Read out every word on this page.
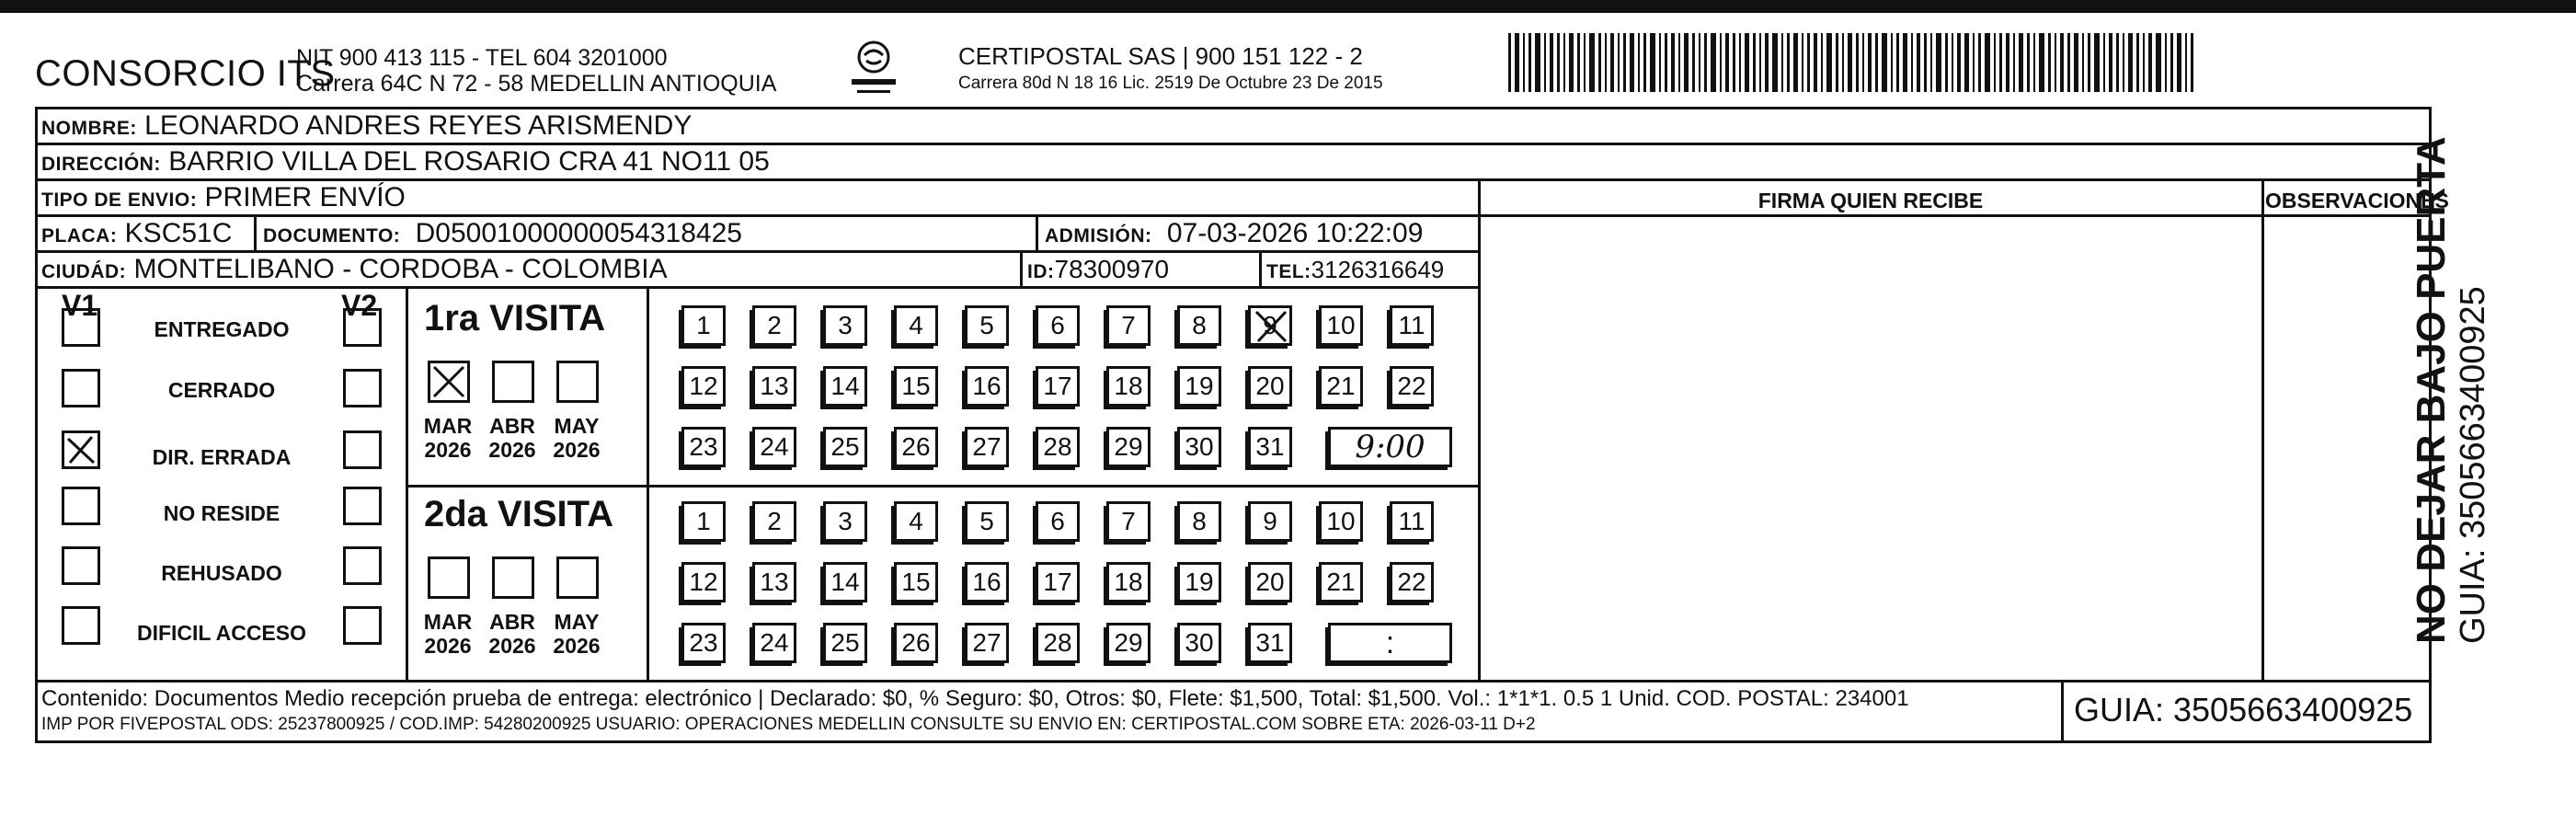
CONSORCIO ITS
NIT 900 413 115 - TEL 604 3201000
Carrera 64C N 72 - 58 MEDELLIN ANTIOQUIA
CERTIPOSTAL SAS | 900 151 122 - 2
Carrera 80d N 18 16 Lic. 2519 De Octubre 23 De 2015
NOMBRE: LEONARDO ANDRES REYES ARISMENDY
DIRECCIÓN: BARRIO VILLA DEL ROSARIO CRA 41 NO11 05
TIPO DE ENVIO: PRIMER ENVÍO
PLACA: KSC51C	DOCUMENTO: D05001000000054318425	ADMISIÓN: 07-03-2026 10:22:09
CIUDÁD: MONTELIBANO - CORDOBA - COLOMBIA	ID:78300970	TEL:3126316649
FIRMA QUIEN RECIBE	OBSERVACIONES
V1	V2
ENTREGADO
CERRADO
DIR. ERRADA
NO RESIDE
REHUSADO
DIFICIL ACCESO
1ra VISITA
MAR
2026
ABR
2026
MAY
2026
1	2	3	4	5	6	7	8	9	10	11
12	13	14	15	16	17	18	19	20	21	22
23	24	25	26	27	28	29	30	31	9:00
2da VISITA
MAR
2026
ABR
2026
MAY
2026
1	2	3	4	5	6	7	8	9	10	11
12	13	14	15	16	17	18	19	20	21	22
23	24	25	26	27	28	29	30	31	:
Contenido: Documentos Medio recepción prueba de entrega: electrónico | Declarado: $0, % Seguro: $0, Otros: $0, Flete: $1,500, Total: $1,500. Vol.: 1*1*1. 0.5 1 Unid. COD. POSTAL: 234001
IMP POR FIVEPOSTAL ODS: 25237800925 / COD.IMP: 54280200925 USUARIO: OPERACIONES MEDELLIN CONSULTE SU ENVIO EN: CERTIPOSTAL.COM SOBRE ETA: 2026-03-11 D+2	GUIA: 3505663400925
NO DEJAR BAJO PUERTA GUIA: 3505663400925
